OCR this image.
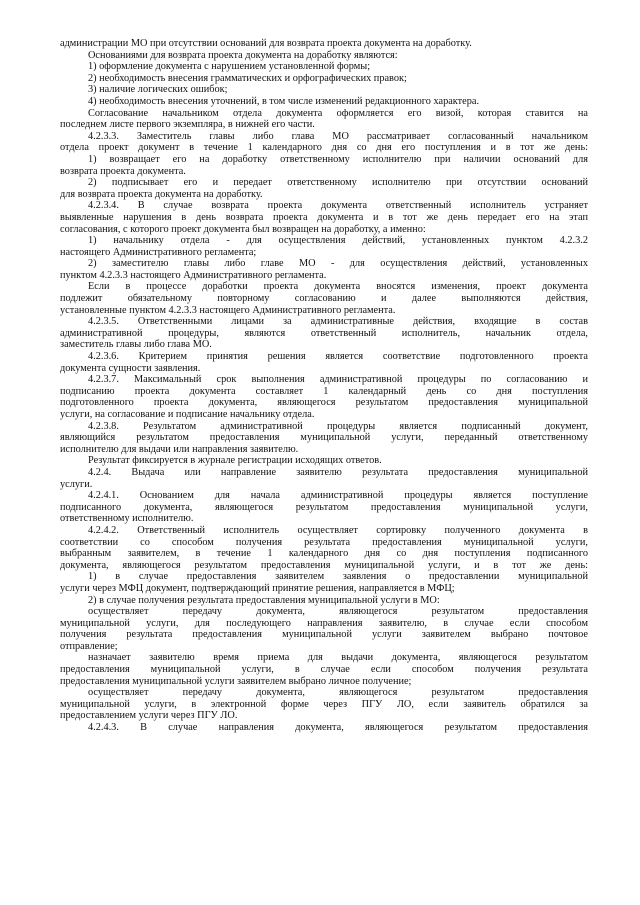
администрации МО при отсутствии оснований для возврата проекта документа на доработку.
Основаниями для возврата проекта документа на доработку являются:
1) оформление документа с нарушением установленной формы;
2) необходимость внесения грамматических и орфографических правок;
3) наличие логических ошибок;
4) необходимость внесения уточнений, в том числе изменений редакционного характера.
Согласование начальником отдела документа оформляется его визой, которая ставится на
последнем листе первого экземпляра, в нижней его части.
4.2.3.3. Заместитель главы либо глава МО рассматривает согласованный начальником
отдела проект документ в течение 1 календарного дня со дня его поступления и в тот же день:
1) возвращает его на доработку ответственному исполнителю при наличии оснований для
возврата проекта документа.
2) подписывает его и передает ответственному исполнителю при отсутствии оснований
для возврата проекта документа на доработку.
4.2.3.4. В случае возврата проекта документа ответственный исполнитель устраняет
выявленные нарушения в день возврата проекта документа и в тот же день передает его на этап
согласования, с которого проект документа был возвращен на доработку, а именно:
1) начальнику отдела - для осуществления действий, установленных пунктом 4.2.3.2
настоящего Административного регламента;
2) заместителю главы либо главе МО - для осуществления действий, установленных
пунктом 4.2.3.3 настоящего Административного регламента.
Если в процессе доработки проекта документа вносятся изменения, проект документа
подлежит обязательному повторному согласованию и далее выполняются действия,
установленные пунктом 4.2.3.3 настоящего Административного регламента.
4.2.3.5. Ответственными лицами за административные действия, входящие в состав
административной процедуры, являются ответственный исполнитель, начальник отдела,
заместитель главы либо глава МО.
4.2.3.6. Критерием принятия решения является соответствие подготовленного проекта
документа сущности заявления.
4.2.3.7. Максимальный срок выполнения административной процедуры по согласованию и
подписанию проекта документа составляет 1 календарный день со дня поступления
подготовленного проекта документа, являющегося результатом предоставления муниципальной
услуги, на согласование и подписание начальнику отдела.
4.2.3.8. Результатом административной процедуры является подписанный документ,
являющийся результатом предоставления муниципальной услуги, переданный ответственному
исполнителю для выдачи или направления заявителю.
Результат фиксируется в журнале регистрации исходящих ответов.
4.2.4. Выдача или направление заявителю результата предоставления муниципальной
услуги.
4.2.4.1. Основанием для начала административной процедуры является поступление
подписанного документа, являющегося результатом предоставления муниципальной услуги,
ответственному исполнителю.
4.2.4.2. Ответственный исполнитель осуществляет сортировку полученного документа в
соответствии со способом получения результата предоставления муниципальной услуги,
выбранным заявителем, в течение 1 календарного дня со дня поступления подписанного
документа, являющегося результатом предоставления муниципальной услуги, и в тот же день:
1) в случае предоставления заявителем заявления о предоставлении муниципальной
услуги через МФЦ документ, подтверждающий принятие решения, направляется в МФЦ;
2) в случае получения результата предоставления муниципальной услуги в МО:
осуществляет передачу документа, являющегося результатом предоставления
муниципальной услуги, для последующего направления заявителю, в случае если способом
получения результата предоставления муниципальной услуги заявителем выбрано почтовое
отправление;
назначает заявителю время приема для выдачи документа, являющегося результатом
предоставления муниципальной услуги, в случае если способом получения результата
предоставления муниципальной услуги заявителем выбрано личное получение;
осуществляет передачу документа, являющегося результатом предоставления
муниципальной услуги, в электронной форме через ПГУ ЛО, если заявитель обратился за
предоставлением услуги через ПГУ ЛО.
4.2.4.3. В случае направления документа, являющегося результатом предоставления
